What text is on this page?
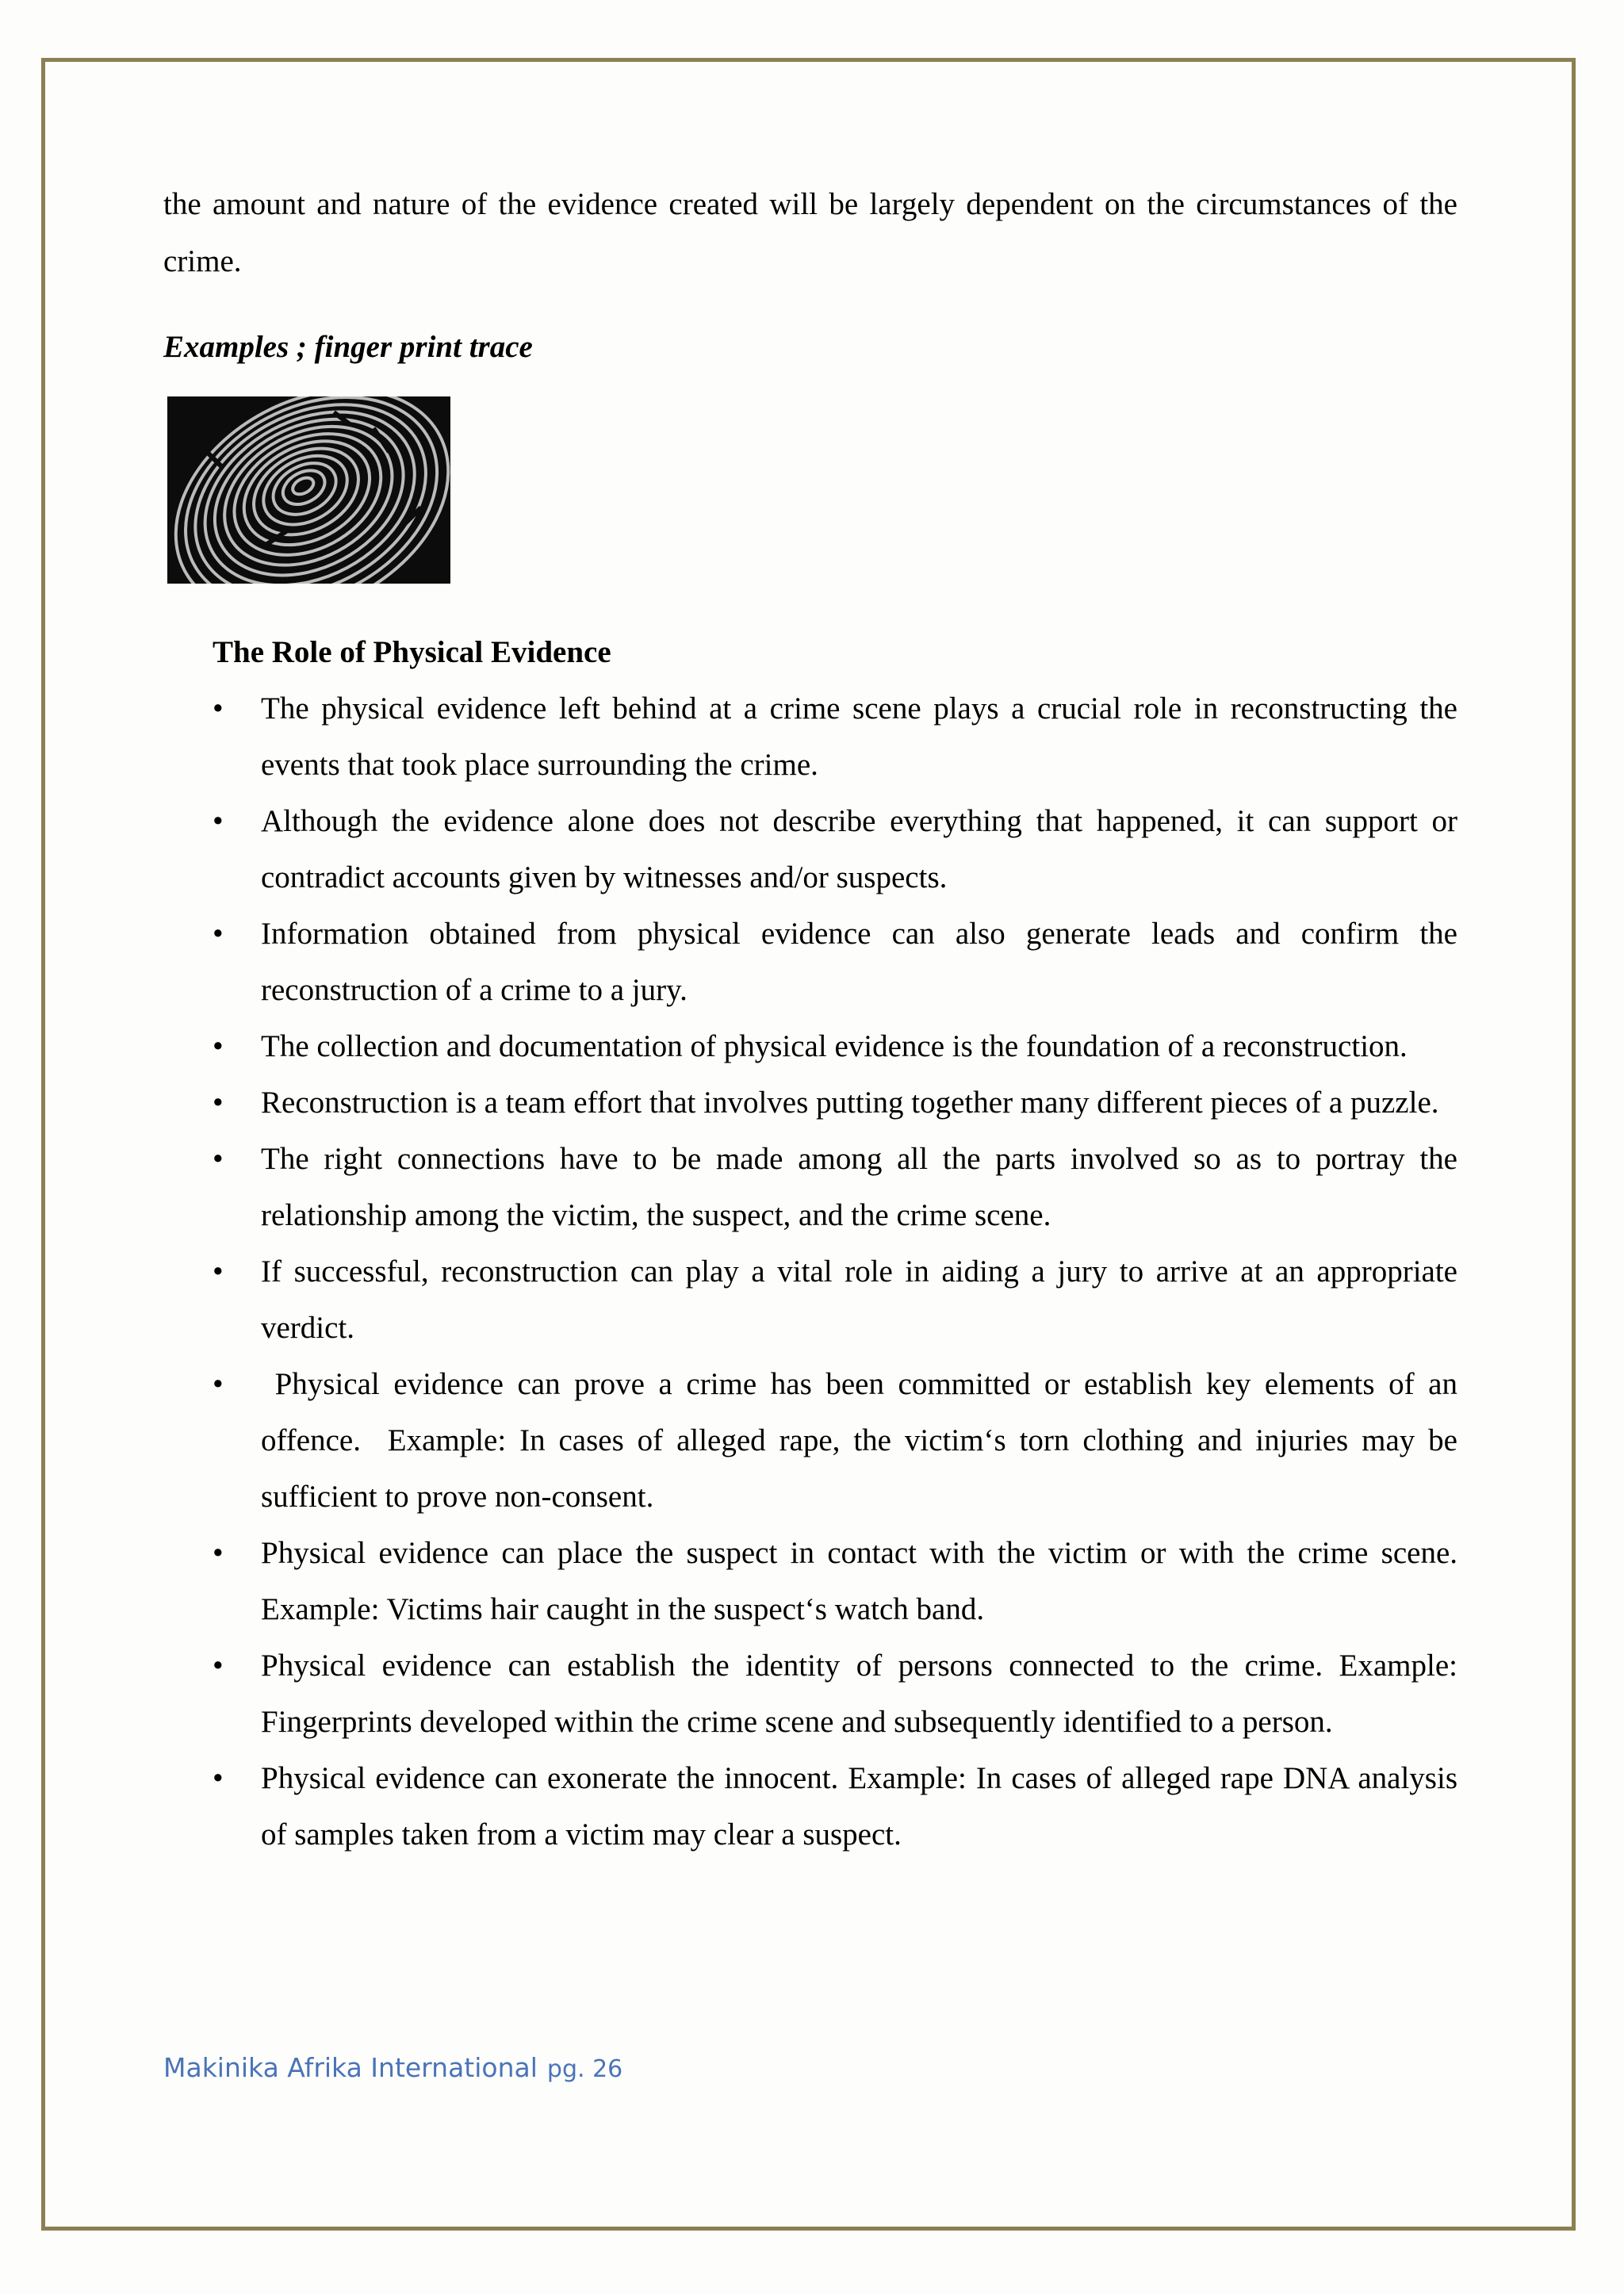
the amount and nature of the evidence created will be largely dependent on the circumstances of the crime.

Examples ; finger print trace
The Role of Physical Evidence
•	The physical evidence left behind at a crime scene plays a crucial role in reconstructing the events that took place surrounding the crime.
•	Although the evidence alone does not describe everything that happened, it can support or contradict accounts given by witnesses and/or suspects.
•	Information obtained from physical evidence can also generate leads and confirm the reconstruction of a crime to a jury.
•	The collection and documentation of physical evidence is the foundation of a reconstruction.
•	Reconstruction is a team effort that involves putting together many different pieces of a puzzle.
•	The right connections have to be made among all the parts involved so as to portray the relationship among the victim, the suspect, and the crime scene.
•	If successful, reconstruction can play a vital role in aiding a jury to arrive at an appropriate verdict.
•	Physical evidence can prove a crime has been committed or establish key elements of an offence.  Example: In cases of alleged rape, the victim‘s torn clothing and injuries may be sufficient to prove non-consent.
•	Physical evidence can place the suspect in contact with the victim or with the crime scene. Example: Victims hair caught in the suspect‘s watch band.
•	Physical evidence can establish the identity of persons connected to the crime. Example: Fingerprints developed within the crime scene and subsequently identified to a person.
•	Physical evidence can exonerate the innocent. Example: In cases of alleged rape DNA analysis of samples taken from a victim may clear a suspect.
Makinika Afrika International pg. 26
